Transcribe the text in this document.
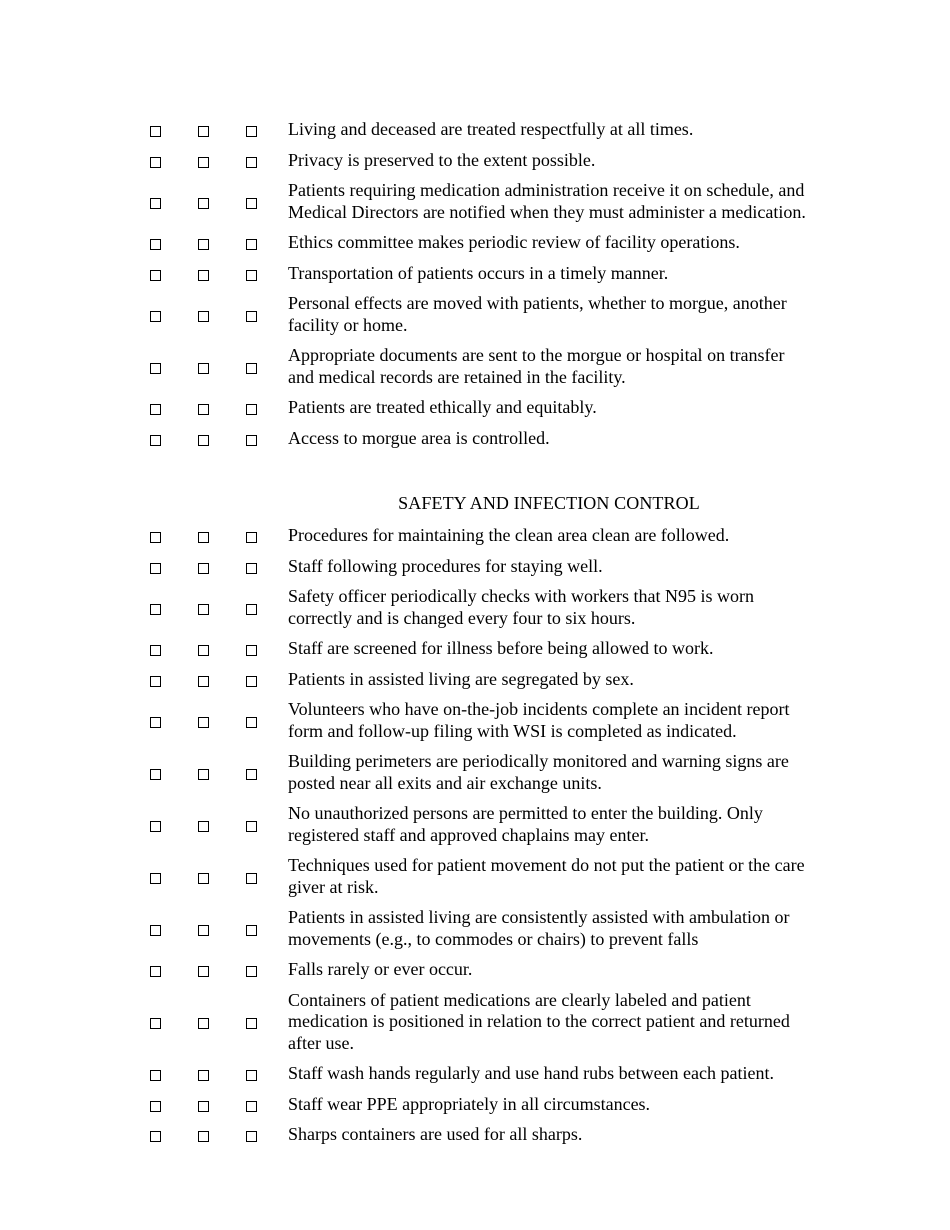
Living and deceased are treated respectfully at all times.
Privacy is preserved to the extent possible.
Patients requiring medication administration receive it on schedule, and Medical Directors are notified when they must administer a medication.
Ethics committee makes periodic review of facility operations.
Transportation of patients occurs in a timely manner.
Personal effects are moved with patients, whether to morgue, another facility or home.
Appropriate documents are sent to the morgue or hospital on transfer and medical records are retained in the facility.
Patients are treated ethically and equitably.
Access to morgue area is controlled.
SAFETY AND INFECTION CONTROL
Procedures for maintaining the clean area clean are followed.
Staff following procedures for staying well.
Safety officer periodically checks with workers that N95 is worn correctly and is changed every four to six hours.
Staff are screened for illness before being allowed to work.
Patients in assisted living are segregated by sex.
Volunteers who have on-the-job incidents complete an incident report form and follow-up filing with WSI is completed as indicated.
Building perimeters are periodically monitored and warning signs are posted near all exits and air exchange units.
No unauthorized persons are permitted to enter the building. Only registered staff and approved chaplains may enter.
Techniques used for patient movement do not put the patient or the care giver at risk.
Patients in assisted living are consistently assisted with ambulation or movements (e.g., to commodes or chairs) to prevent falls
Falls rarely or ever occur.
Containers of patient medications are clearly labeled and patient medication is positioned in relation to the correct patient and returned after use.
Staff wash hands regularly and use hand rubs between each patient.
Staff wear PPE appropriately in all circumstances.
Sharps containers are used for all sharps.
